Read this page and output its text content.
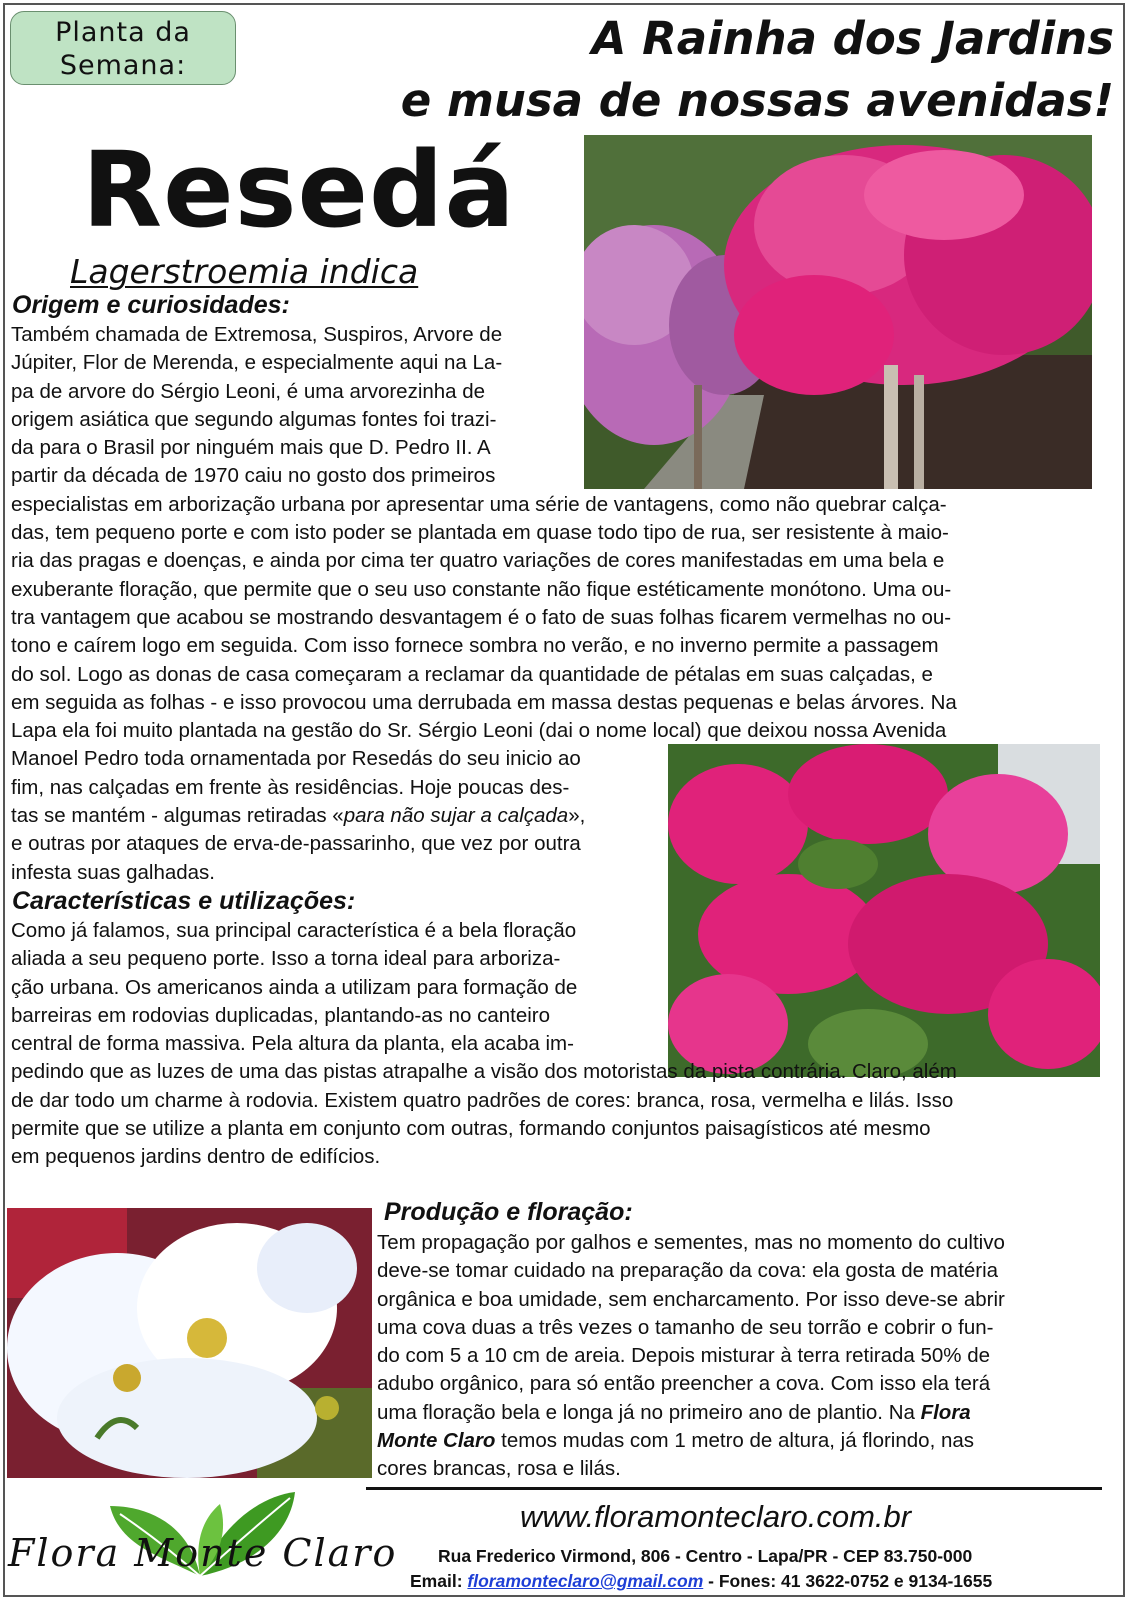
Planta da
Semana:
A Rainha dos Jardins
e musa de nossas avenidas!
Resedá
Lagerstroemia indica
Origem e curiosidades:
Também chamada de Extremosa, Suspiros, Arvore de
Júpiter, Flor de Merenda, e especialmente aqui na La-
pa de arvore do Sérgio Leoni, é uma arvorezinha de
origem asiática que segundo algumas fontes foi trazi-
da para o Brasil por ninguém mais que D. Pedro II. A
partir da década de 1970 caiu no gosto dos primeiros
especialistas em arborização urbana por apresentar uma série de vantagens, como não quebrar calça-
das, tem pequeno porte e com isto poder se plantada em quase todo tipo de rua, ser resistente à maio-
ria das pragas e doenças, e ainda por cima ter quatro variações de cores manifestadas em uma bela e
exuberante floração, que permite que o seu uso constante não fique estéticamente monótono. Uma ou-
tra vantagem que acabou se mostrando desvantagem é o fato de suas folhas ficarem vermelhas no ou-
tono e caírem logo em seguida. Com isso fornece sombra no verão, e no inverno permite a passagem
do sol. Logo as donas de casa começaram a reclamar da quantidade de pétalas em suas calçadas, e
em seguida as folhas - e isso provocou uma derrubada em massa destas pequenas e belas árvores. Na
Lapa ela foi muito plantada na gestão do Sr. Sérgio Leoni (dai o nome local) que deixou nossa Avenida
Manoel Pedro toda ornamentada por Resedás do seu inicio ao
fim, nas calçadas em frente às residências. Hoje poucas des-
tas se mantém - algumas retiradas «para não sujar a calçada»,
e outras por ataques de erva-de-passarinho, que vez por outra
infesta suas galhadas.
Características e utilizações:
Como já falamos, sua principal característica é a bela floração
aliada a seu pequeno porte. Isso a torna ideal para arboriza-
ção urbana. Os americanos ainda a utilizam para formação de
barreiras em rodovias duplicadas, plantando-as no canteiro
central de forma massiva. Pela altura da planta, ela acaba im-
pedindo que as luzes de uma das pistas atrapalhe a visão dos motoristas da pista contrária. Claro, além
de dar todo um charme à rodovia. Existem quatro padrões de cores: branca, rosa, vermelha e lilás. Isso
permite que se utilize a planta em conjunto com outras, formando conjuntos paisagísticos até mesmo
em pequenos jardins dentro de edifícios.
Produção e floração:
Tem propagação por galhos e sementes, mas no momento do cultivo
deve-se tomar cuidado na preparação da cova: ela gosta de matéria
orgânica e boa umidade, sem encharcamento. Por isso deve-se abrir
uma cova duas a três vezes o tamanho de seu torrão e cobrir o fun-
do com 5 a 10 cm de areia. Depois misturar à terra retirada 50% de
adubo orgânico, para só então preencher a cova. Com isso ela terá
uma floração bela e longa já no primeiro ano de plantio. Na Flora
Monte Claro temos mudas com 1 metro de altura, já florindo, nas
cores brancas, rosa e lilás.
Flora Monte Claro
www.floramonteclaro.com.br
Rua Frederico Virmond, 806 - Centro - Lapa/PR - CEP 83.750-000
Email: floramonteclaro@gmail.com - Fones: 41 3622-0752 e 9134-1655
